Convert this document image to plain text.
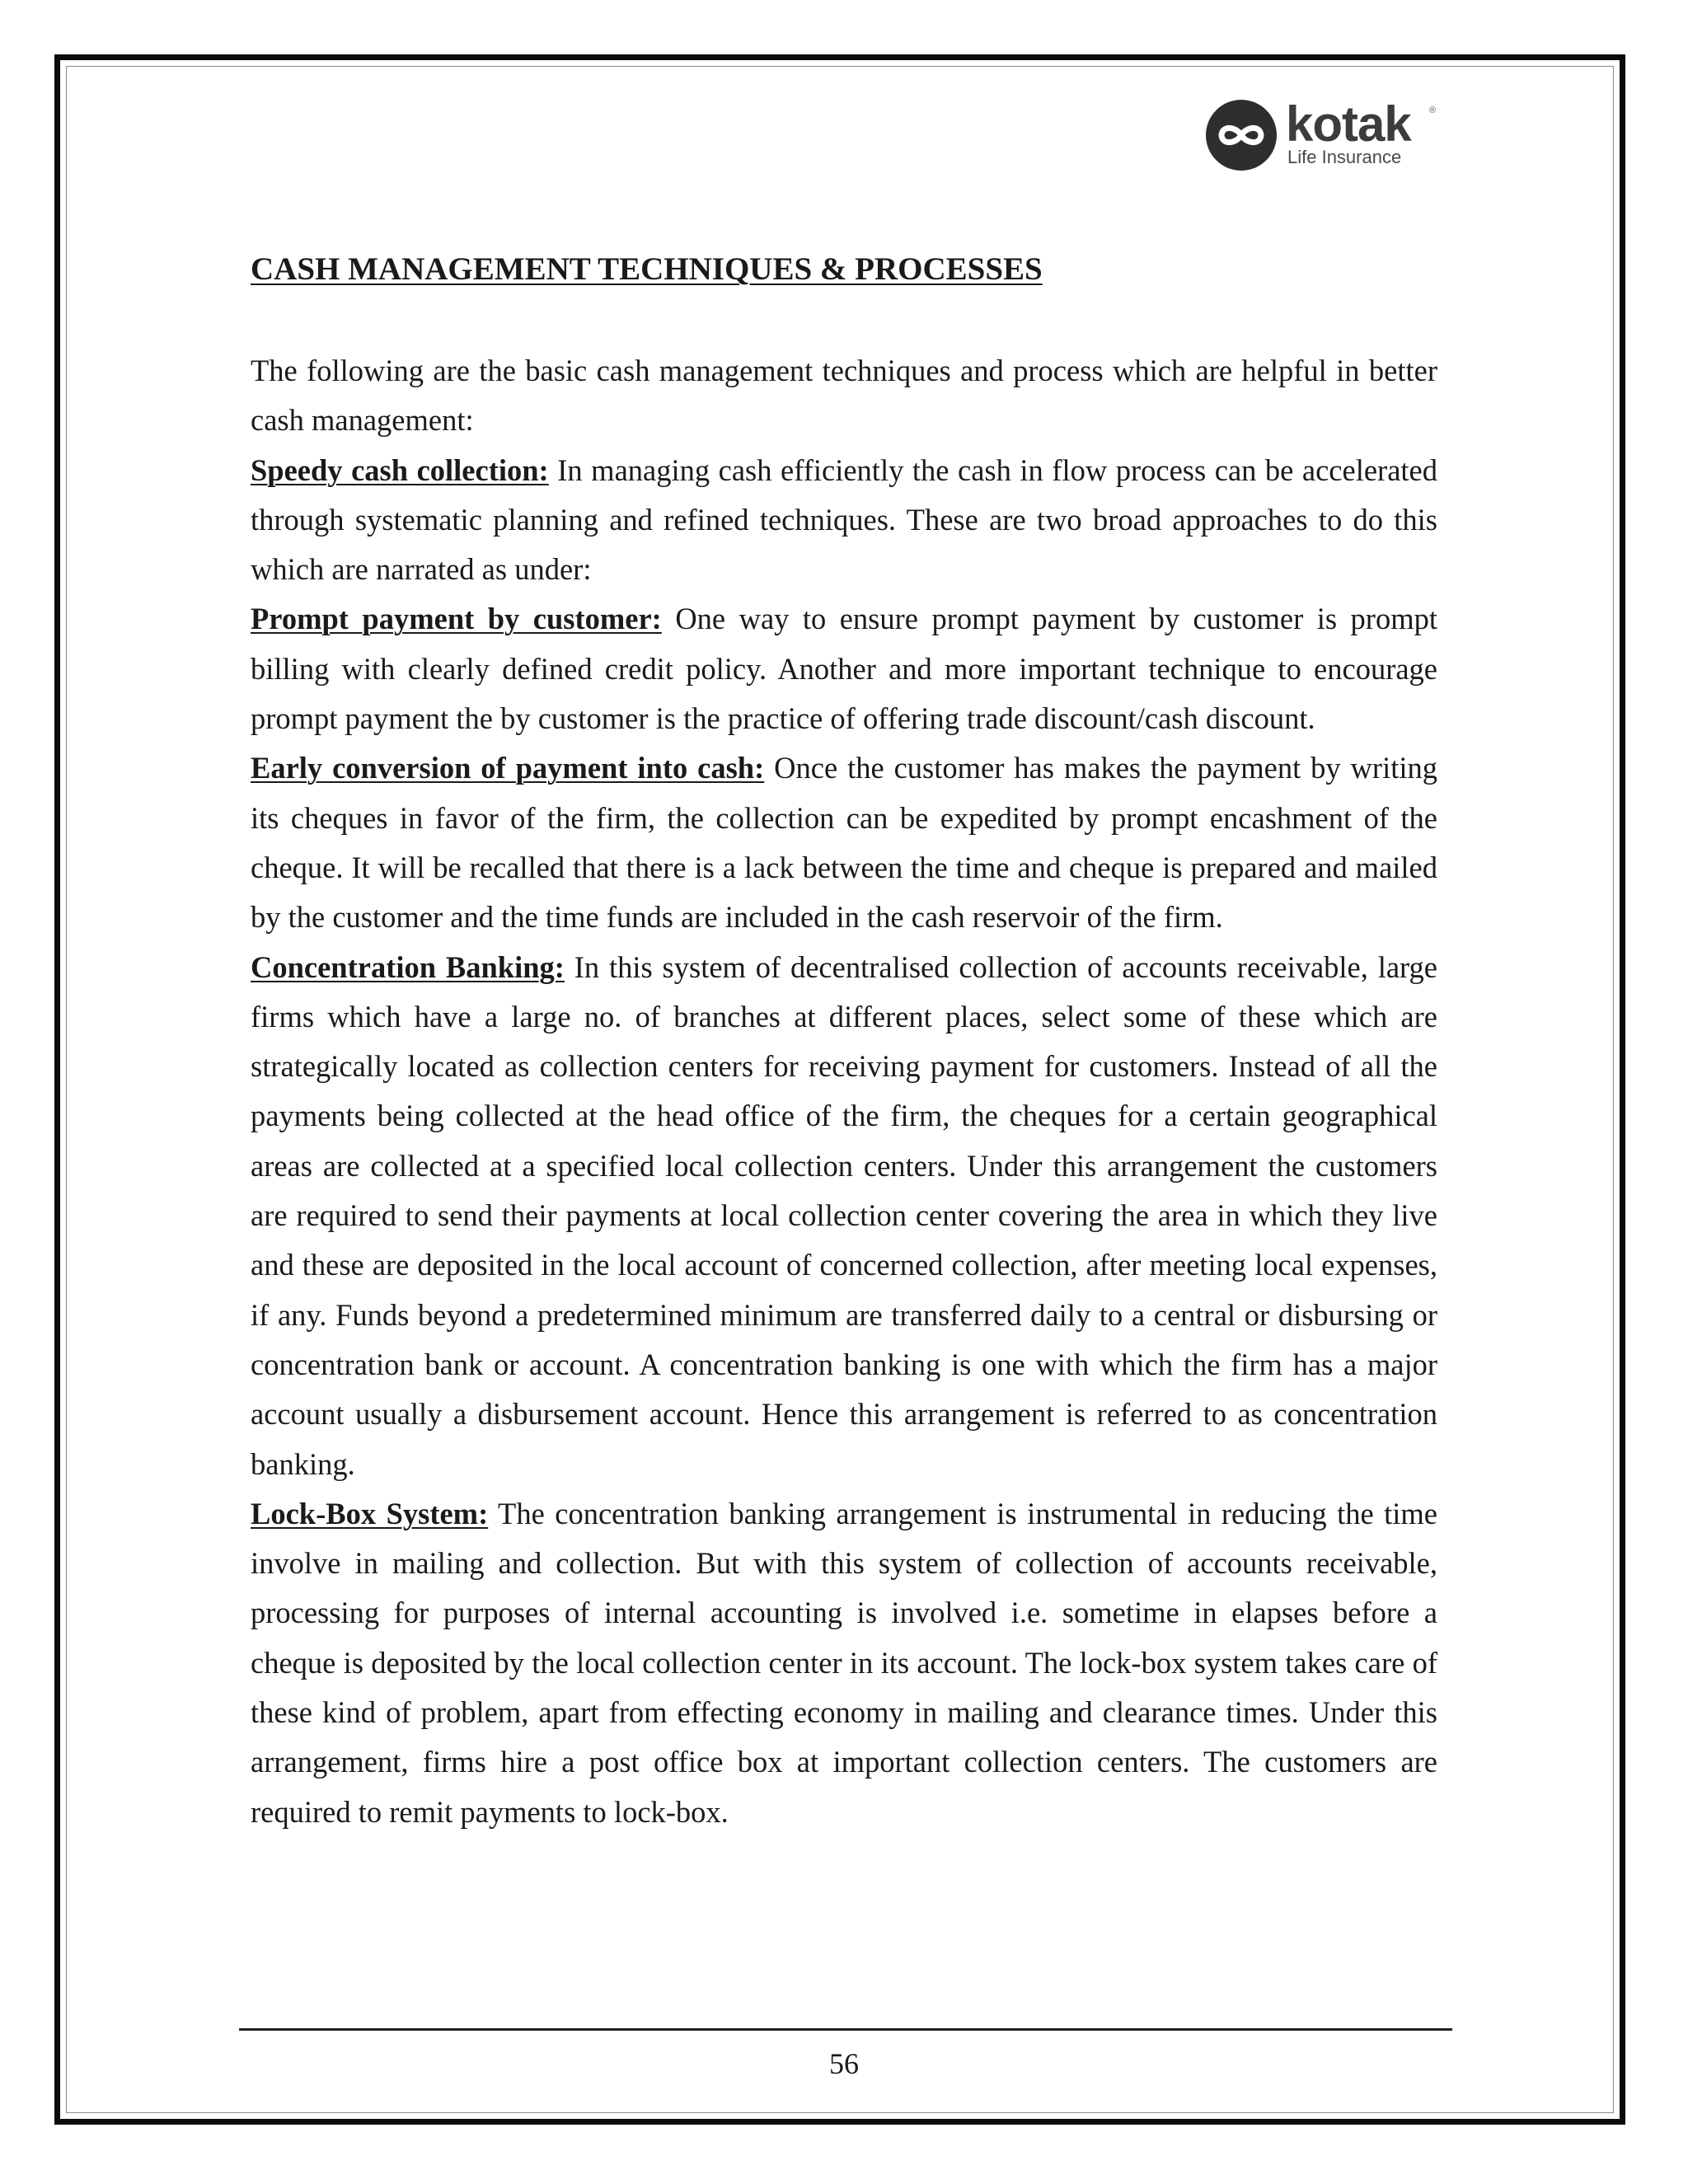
kotak ®
Life Insurance
CASH MANAGEMENT TECHNIQUES & PROCESSES

The following are the basic cash management techniques and process which are helpful in better cash management:

Speedy cash collection: In managing cash efficiently the cash in flow process can be accelerated through systematic planning and refined techniques. These are two broad approaches to do this which are narrated as under:

Prompt payment by customer: One way to ensure prompt payment by customer is prompt billing with clearly defined credit policy. Another and more important technique to encourage prompt payment the by customer is the practice of offering trade discount/cash discount.

Early conversion of payment into cash: Once the customer has makes the payment by writing its cheques in favor of the firm, the collection can be expedited by prompt encashment of the cheque. It will be recalled that there is a lack between the time and cheque is prepared and mailed by the customer and the time funds are included in the cash reservoir of the firm.

Concentration Banking: In this system of decentralised collection of accounts receivable, large firms which have a large no. of branches at different places, select some of these which are strategically located as collection centers for receiving payment for customers. Instead of all the payments being collected at the head office of the firm, the cheques for a certain geographical areas are collected at a specified local collection centers. Under this arrangement the customers are required to send their payments at local collection center covering the area in which they live and these are deposited in the local account of concerned collection, after meeting local expenses, if any. Funds beyond a predetermined minimum are transferred daily to a central or disbursing or concentration bank or account. A concentration banking is one with which the firm has a major account usually a disbursement account. Hence this arrangement is referred to as concentration banking.

Lock-Box System: The concentration banking arrangement is instrumental in reducing the time involve in mailing and collection. But with this system of collection of accounts receivable, processing for purposes of internal accounting is involved i.e. sometime in elapses before a cheque is deposited by the local collection center in its account. The lock-box system takes care of these kind of problem, apart from effecting economy in mailing and clearance times. Under this arrangement, firms hire a post office box at important collection centers. The customers are required to remit payments to lock-box.

56
